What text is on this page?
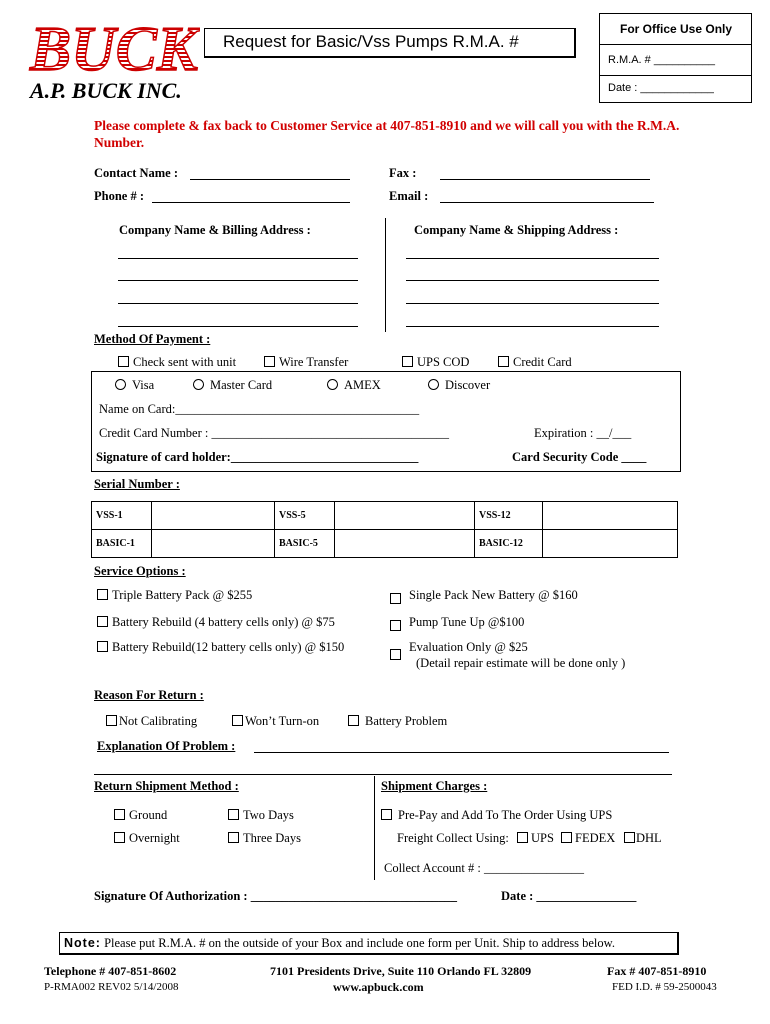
BUCK
A.P. BUCK INC.
Request for Basic/Vss Pumps R.M.A. #
For Office Use Only
R.M.A. # __________
Date : ____________
Please complete & fax back to Customer Service at 407-851-8910 and we will call you with the R.M.A. Number.
Contact Name :	Fax :
Phone # :	Email :
Company Name & Billing Address :	Company Name & Shipping Address :
Method Of Payment :
Check sent with unit	Wire Transfer	UPS COD	Credit Card
Visa	Master Card	AMEX	Discover
Name on Card:_______________________________________
Credit Card Number : ______________________________________	Expiration : __/___
Signature of card holder:______________________________	Card Security Code ____
Serial Number :
VSS-1		VSS-5		VSS-12	
BASIC-1		BASIC-5		BASIC-12	
Service Options :
Triple Battery Pack @ $255
Battery Rebuild (4 battery cells only) @ $75
Battery Rebuild(12 battery cells only) @ $150
Single Pack New Battery @ $160
Pump Tune Up @$100
Evaluation Only @ $25
(Detail repair estimate will be done only )
Reason For Return :
Not Calibrating	Won’t Turn-on	Battery Problem
Explanation Of Problem :
Return Shipment Method :
Ground	Two Days
Overnight	Three Days
Shipment Charges :
Pre-Pay and Add To The Order Using UPS
Freight Collect Using:	UPS	FEDEX	DHL
Collect Account # : ________________
Signature Of Authorization : _________________________________	Date : ________________
Note: Please put R.M.A. # on the outside of your Box and include one form per Unit. Ship to address below.
Telephone # 407-851-8602
P-RMA002 REV02 5/14/2008
7101 Presidents Drive, Suite 110 Orlando FL 32809
www.apbuck.com
Fax # 407-851-8910
FED I.D. # 59-2500043
